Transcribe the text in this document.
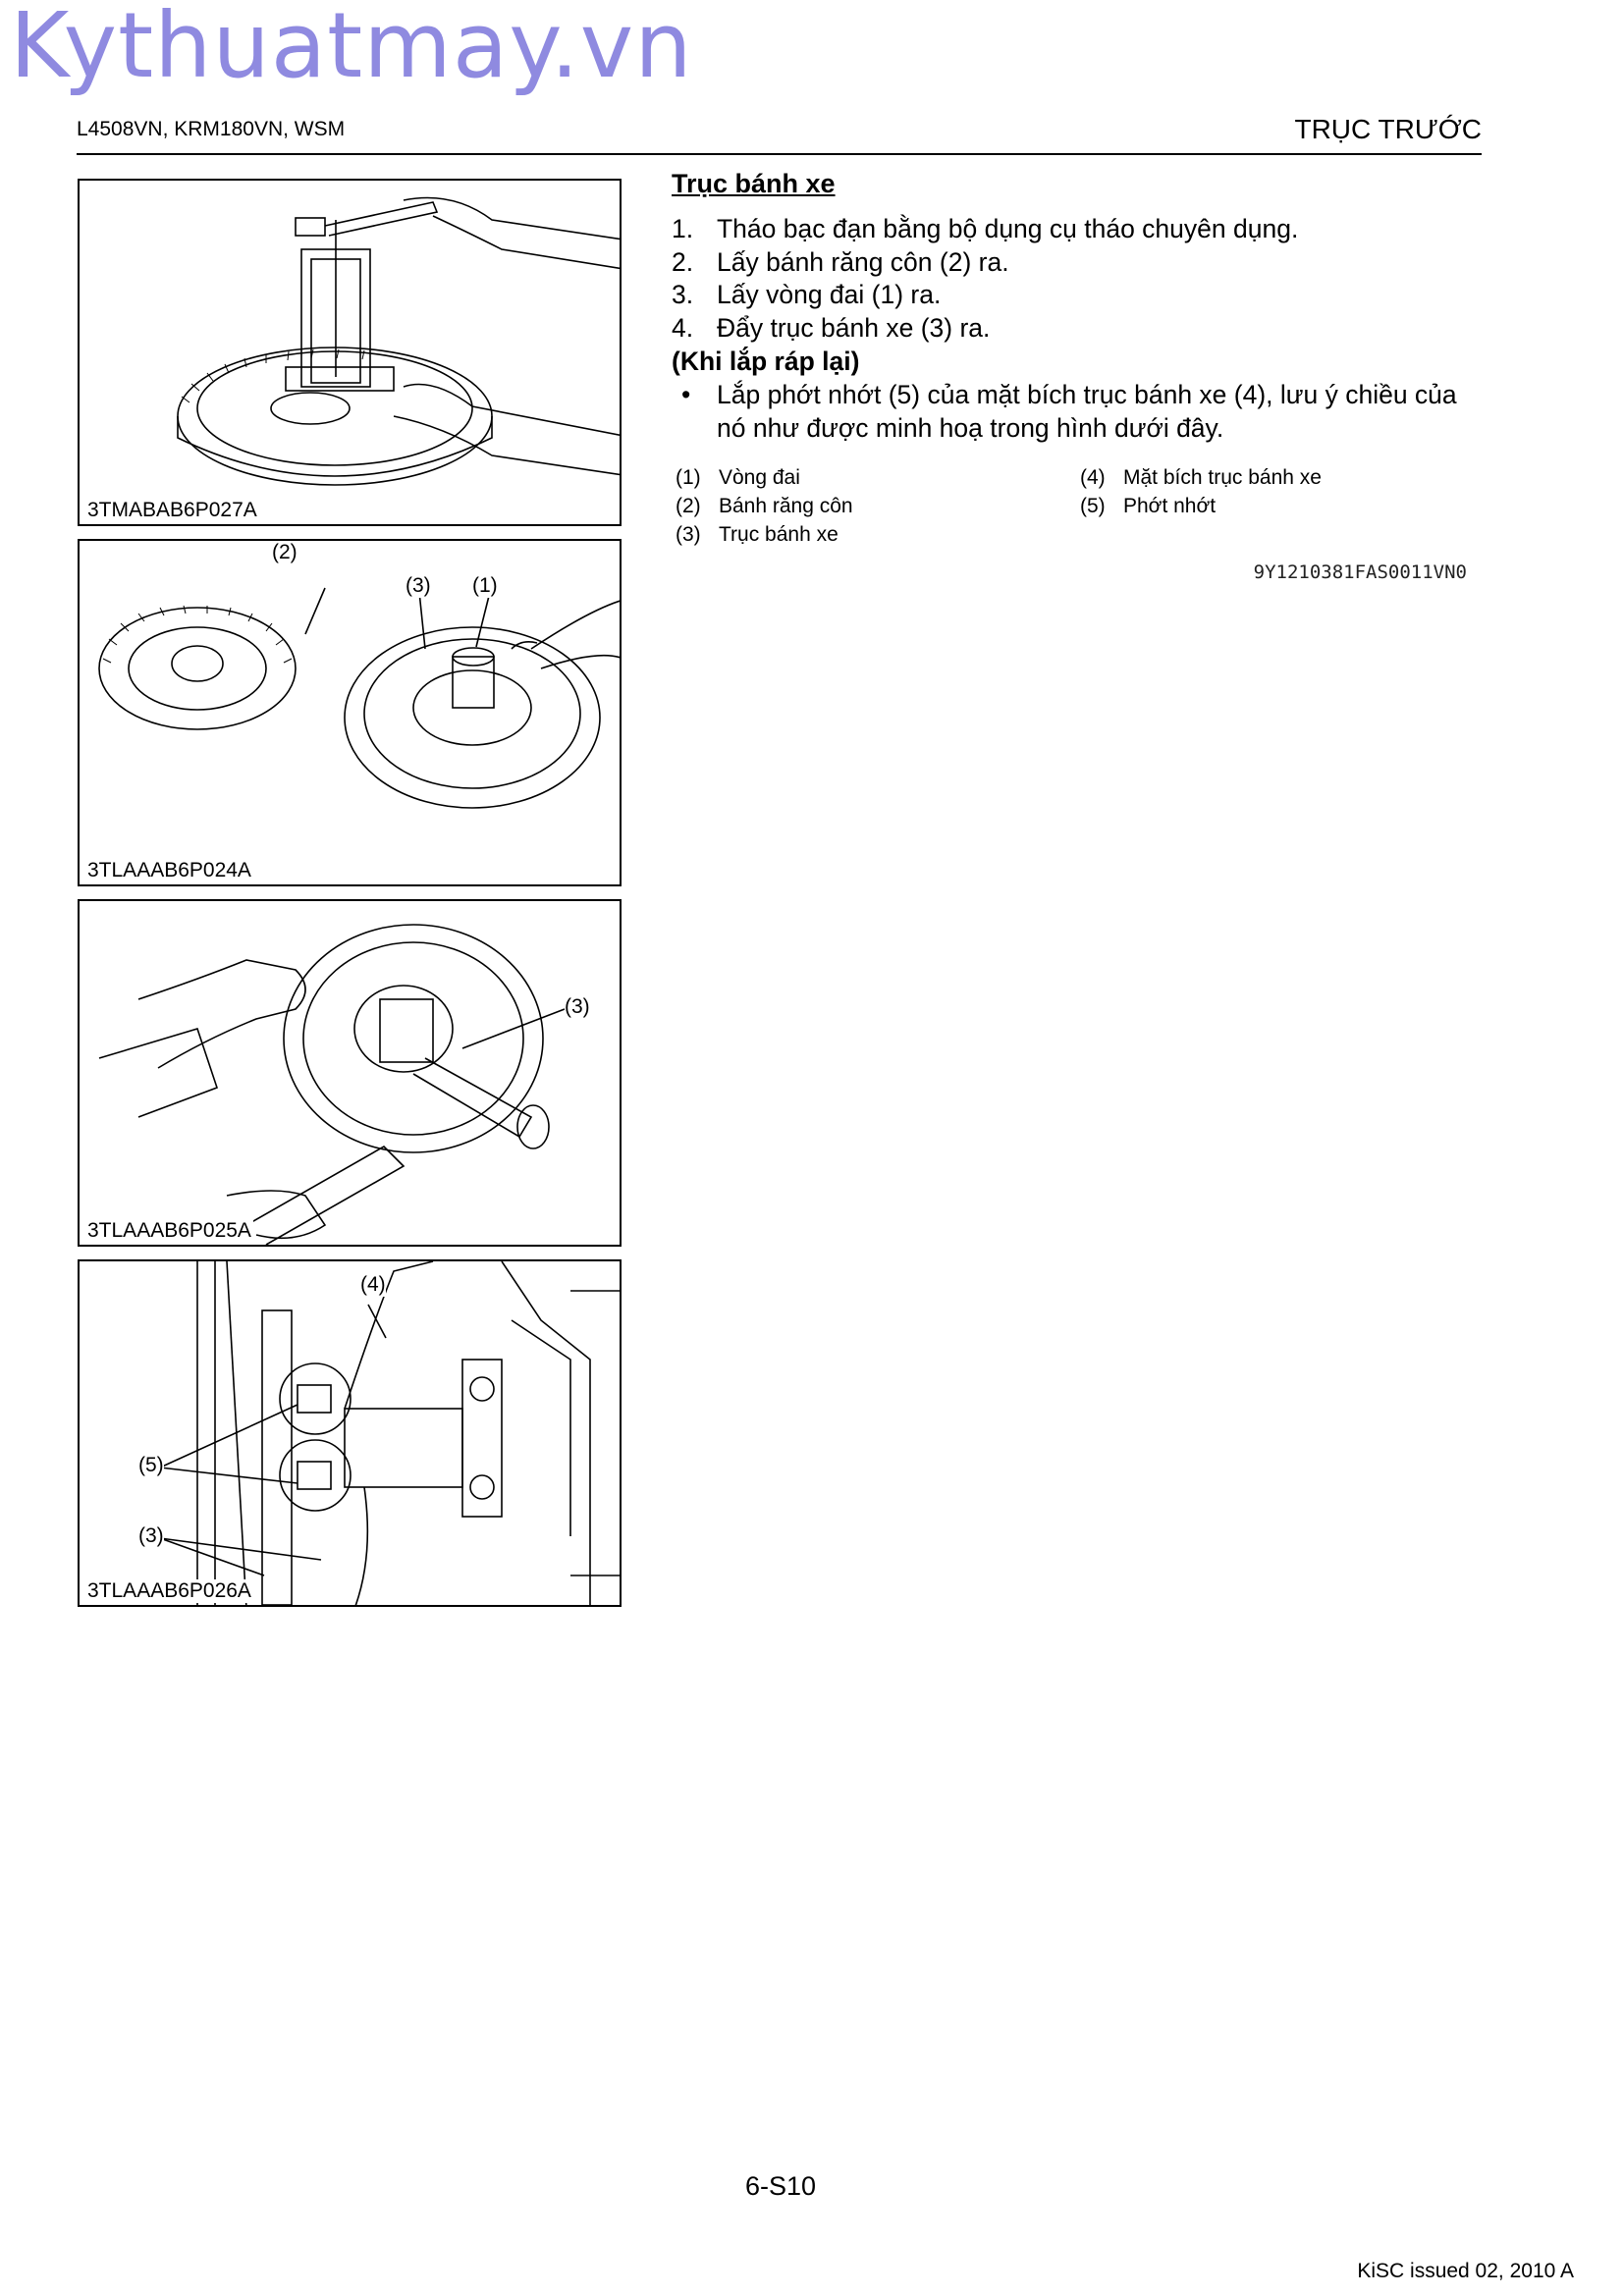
Kythuatmay.vn
L4508VN, KRM180VN, WSM	TRỤC TRƯỚC
3TMABAB6P027A
(2)
(3) (1)
3TLAAAB6P024A
(3)
3TLAAAB6P025A
(4)
(5)
(3)
3TLAAAB6P026A
Trục bánh xe
1. Tháo bạc đạn bằng bộ dụng cụ tháo chuyên dụng.
2. Lấy bánh răng côn (2) ra.
3. Lấy vòng đai (1) ra.
4. Đẩy trục bánh xe (3) ra.
(Khi lắp ráp lại)
•	Lắp phớt nhớt (5) của mặt bích trục bánh xe (4), lưu ý chiều của nó như được minh hoạ trong hình dưới đây.
(1) Vòng đai	(4) Mặt bích trục bánh xe
(2) Bánh răng côn	(5) Phớt nhớt
(3) Trục bánh xe
9Y1210381FAS0011VN0
6-S10
KiSC issued 02, 2010 A
